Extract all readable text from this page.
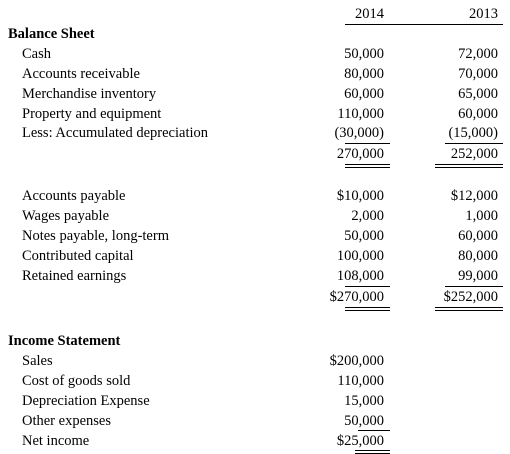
2014	2013
Balance Sheet
Cash	50,000	72,000
Accounts receivable	80,000	70,000
Merchandise inventory	60,000	65,000
Property and equipment	110,000	60,000
Less: Accumulated depreciation	(30,000)	(15,000)
270,000	252,000
Accounts payable	$10,000	$12,000
Wages payable	2,000	1,000
Notes payable, long-term	50,000	60,000
Contributed capital	100,000	80,000
Retained earnings	108,000	99,000
$270,000	$252,000
Income Statement
Sales	$200,000
Cost of goods sold	110,000
Depreciation Expense	15,000
Other expenses	50,000
Net income	$25,000
